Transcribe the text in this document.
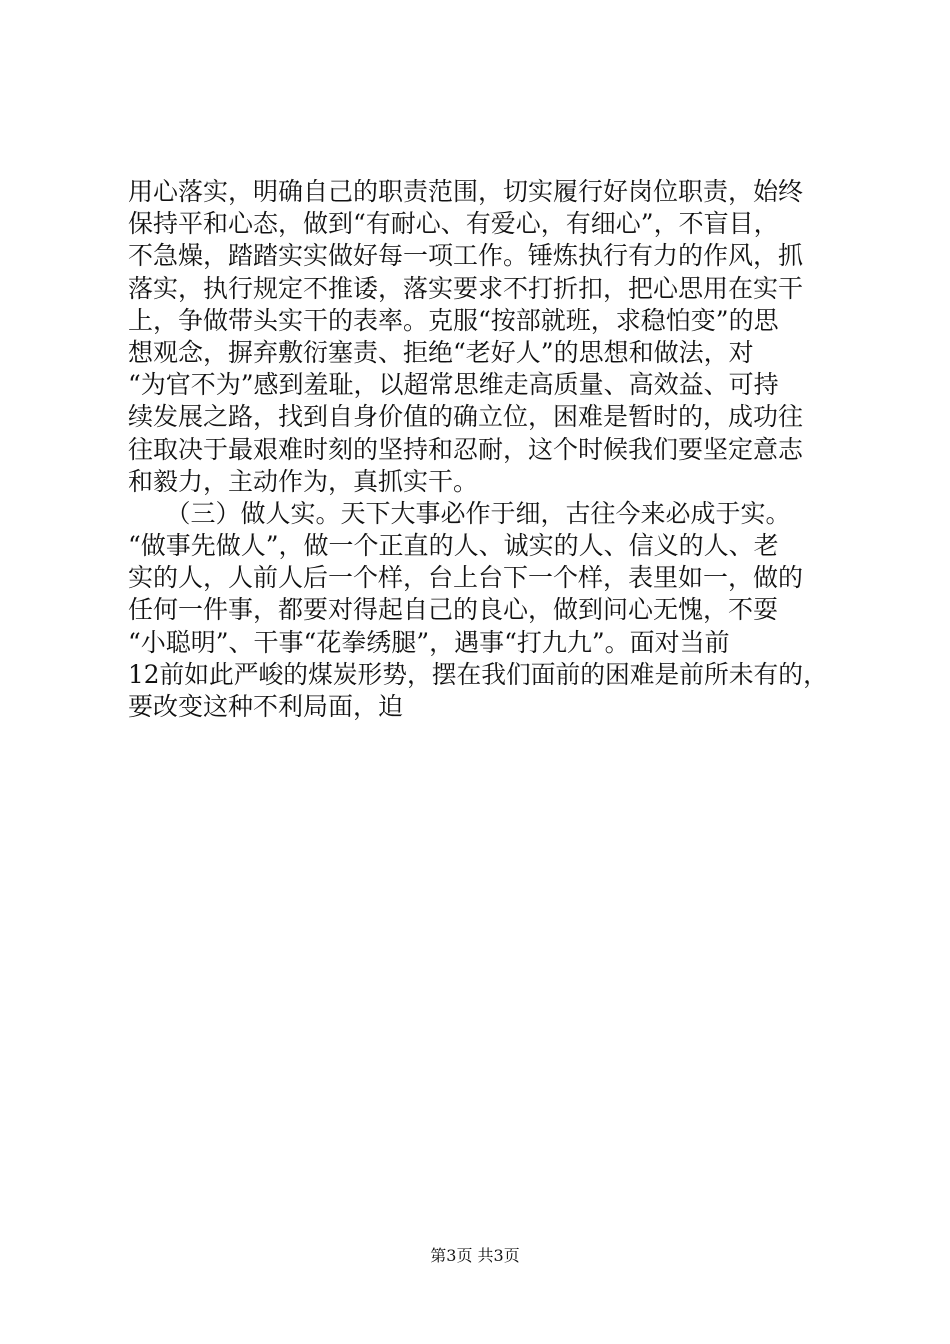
用心落实，明确自己的职责范围，切实履行好岗位职责，始终
保持平和心态，做到“有耐心、有爱心，有细心”，不盲目，
不急燥，踏踏实实做好每一项工作。锤炼执行有力的作风，抓
落实，执行规定不推诿，落实要求不打折扣，把心思用在实干
上，争做带头实干的表率。克服“按部就班，求稳怕变”的思
想观念，摒弃敷衍塞责、拒绝“老好人”的思想和做法，对
“为官不为”感到羞耻，以超常思维走高质量、高效益、可持
续发展之路，找到自身价值的确立位，困难是暂时的，成功往
往取决于最艰难时刻的坚持和忍耐，这个时候我们要坚定意志
和毅力，主动作为，真抓实干。
　　（三）做人实。天下大事必作于细，古往今来必成于实。
“做事先做人”，做一个正直的人、诚实的人、信义的人、老
实的人，人前人后一个样，台上台下一个样，表里如一，做的
任何一件事，都要对得起自己的良心，做到问心无愧，不耍
“小聪明”、干事“花拳绣腿”，遇事“打九九”。面对当前
12前如此严峻的煤炭形势，摆在我们面前的困难是前所未有的，
要改变这种不利局面，迫
第3页 共3页
